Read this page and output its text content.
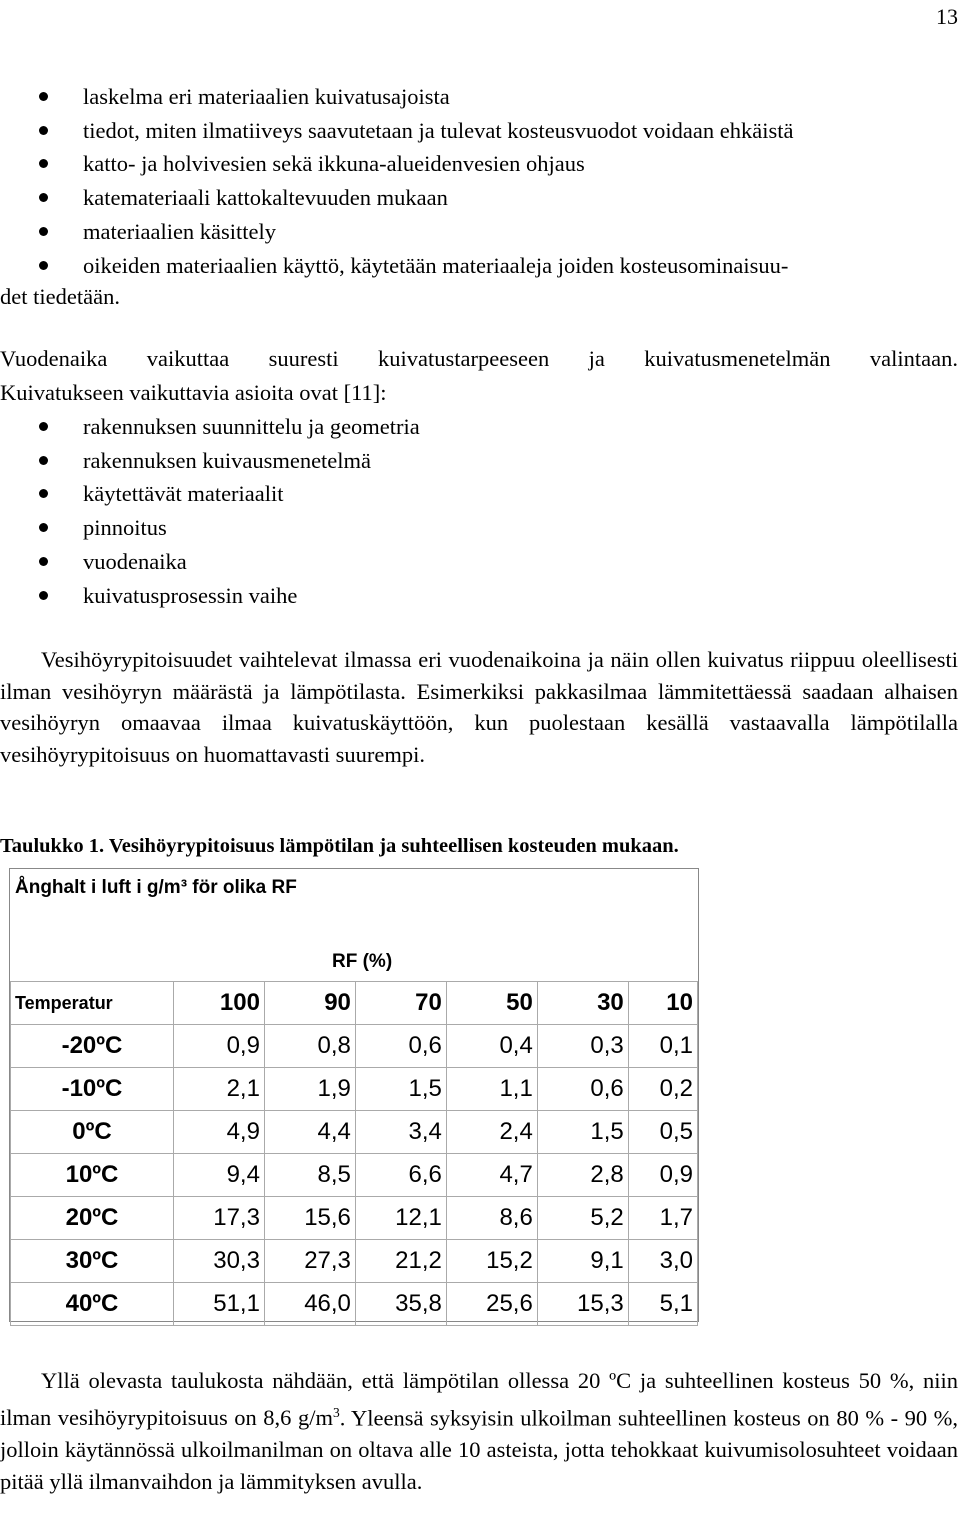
13
laskelma eri materiaalien kuivatusajoista
tiedot, miten ilmatiiveys saavutetaan ja tulevat kosteusvuodot voidaan ehkäistä
katto- ja holvivesien sekä ikkuna-alueidenvesien ohjaus
katemateriaali kattokaltevuuden mukaan
materiaalien käsittely
oikeiden materiaalien käyttö, käytetään materiaaleja joiden kosteusominaisuu-
det tiedetään.
Vuodenaika vaikuttaa suuresti kuivatustarpeeseen ja kuivatusmenetelmän valintaan.
Kuivatukseen vaikuttavia asioita ovat [11]:
rakennuksen suunnittelu ja geometria
rakennuksen kuivausmenetelmä
käytettävät materiaalit
pinnoitus
vuodenaika
kuivatusprosessin vaihe
Vesihöyrypitoisuudet vaihtelevat ilmassa eri vuodenaikoina ja näin ollen kuivatus riippuu oleellisesti ilman vesihöyryn määrästä ja lämpötilasta. Esimerkiksi pakkasilmaa lämmitettäessä saadaan alhaisen vesihöyryn omaavaa ilmaa kuivatuskäyttöön, kun puolestaan kesällä vastaavalla lämpötilalla vesihöyrypitoisuus on huomattavasti suurempi.
Taulukko 1. Vesihöyrypitoisuus lämpötilan ja suhteellisen kosteuden mukaan.
Ånghalt i luft i g/m³ för olika RF
RF (%)
Temperatur	100	90	70	50	30	10
-20ºC	0,9	0,8	0,6	0,4	0,3	0,1
-10ºC	2,1	1,9	1,5	1,1	0,6	0,2
0ºC	4,9	4,4	3,4	2,4	1,5	0,5
10ºC	9,4	8,5	6,6	4,7	2,8	0,9
20ºC	17,3	15,6	12,1	8,6	5,2	1,7
30ºC	30,3	27,3	21,2	15,2	9,1	3,0
40ºC	51,1	46,0	35,8	25,6	15,3	5,1
Yllä olevasta taulukosta nähdään, että lämpötilan ollessa 20 ºC ja suhteellinen kosteus 50 %, niin ilman vesihöyrypitoisuus on 8,6 $g/m^3$. Yleensä syksyisin ulkoilman suhteellinen kosteus on 80 % - 90 %, jolloin käytännössä ulkoilmanilman on oltava alle 10 asteista, jotta tehokkaat kuivumisolosuhteet voidaan pitää yllä ilmanvaihdon ja lämmityksen avulla.
